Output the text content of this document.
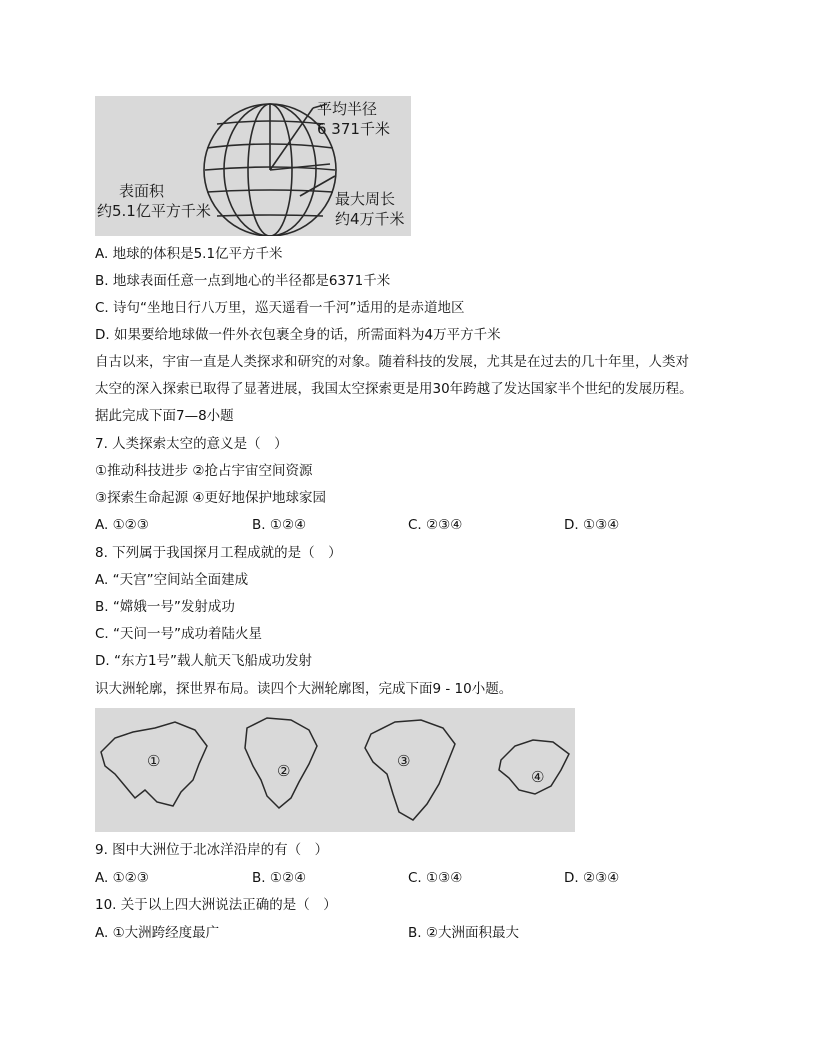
平均半径
6 371千米
表面积
约5.1亿平方千米
最大周长
约4万千米
A. 地球的体积是5.1亿平方千米
B. 地球表面任意一点到地心的半径都是6371千米
C. 诗句“坐地日行八万里，巡天遥看一千河”适用的是赤道地区
D. 如果要给地球做一件外衣包裹全身的话，所需面料为4万平方千米
自古以来，宇宙一直是人类探求和研究的对象。随着科技的发展，尤其是在过去的几十年里，人类对
太空的深入探索已取得了显著进展，我国太空探索更是用30年跨越了发达国家半个世纪的发展历程。
据此完成下面7—8小题
7. 人类探索太空的意义是（　）
①推动科技进步 ②抢占宇宙空间资源
③探索生命起源 ④更好地保护地球家园
A. ①②③	B. ①②④	C. ②③④	D. ①③④
8. 下列属于我国探月工程成就的是（　）
A. “天宫”空间站全面建成
B. “嫦娥一号”发射成功
C. “天问一号”成功着陆火星
D. “东方1号”载人航天飞船成功发射
识大洲轮廓，探世界布局。读四个大洲轮廓图，完成下面9 - 10小题。
①
②
③
④
9. 图中大洲位于北冰洋沿岸的有（　）
A. ①②③	B. ①②④	C. ①③④	D. ②③④
10. 关于以上四大洲说法正确的是（　）
A. ①大洲跨经度最广	B. ②大洲面积最大
